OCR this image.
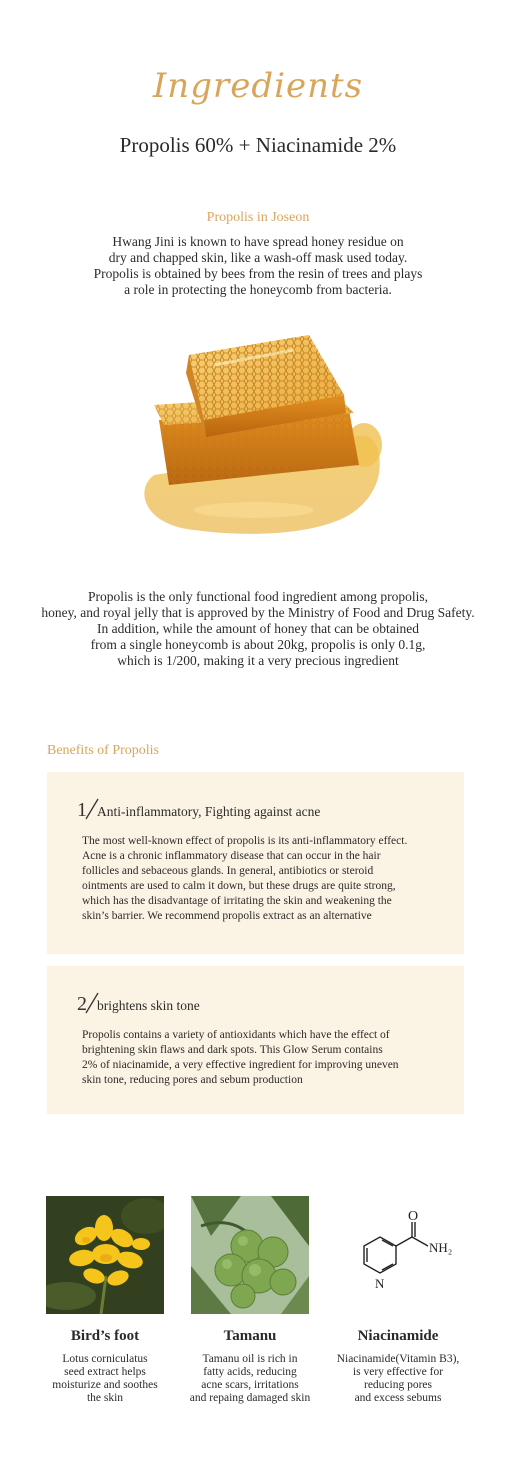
Ingredients
Propolis 60% + Niacinamide 2%
Propolis in Joseon
Hwang Jini is known to have spread honey residue on
dry and chapped skin, like a wash-off mask used today.
Propolis is obtained by bees from the resin of trees and plays
a role in protecting the honeycomb from bacteria.
Propolis is the only functional food ingredient among propolis,
honey, and royal jelly that is approved by the Ministry of Food and Drug Safety.
In addition, while the amount of honey that can be obtained
from a single honeycomb is about 20kg, propolis is only 0.1g,
which is 1/200, making it a very precious ingredient
Benefits of Propolis
1 Anti-inflammatory, Fighting against acne
The most well-known effect of propolis is its anti-inflammatory effect.
Acne is a chronic inflammatory disease that can occur in the hair
follicles and sebaceous glands. In general, antibiotics or steroid
ointments are used to calm it down, but these drugs are quite strong,
which has the disadvantage of irritating the skin and weakening the
skin’s barrier. We recommend propolis extract as an alternative
2 brightens skin tone
Propolis contains a variety of antioxidants which have the effect of
brightening skin flaws and dark spots. This Glow Serum contains
2% of niacinamide, a very effective ingredient for improving uneven
skin tone, reducing pores and sebum production
O
NH₂
N
Bird’s foot	Tamanu	Niacinamide
Lotus corniculatus
seed extract helps
moisturize and soothes
the skin
Tamanu oil is rich in
fatty acids, reducing
acne scars, irritations
and repaing damaged skin
Niacinamide(Vitamin B3),
is very effective for
reducing pores
and excess sebums
